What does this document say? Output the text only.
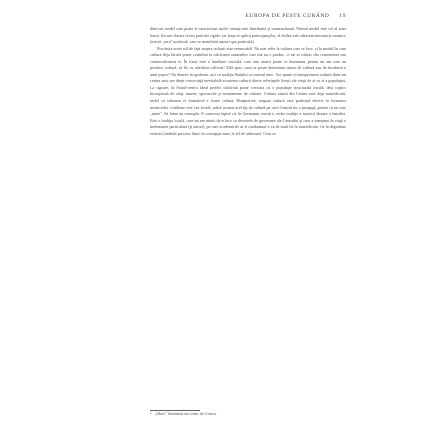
EUROPA DE PESTE CURÂND 19

dintr-un model care poate fi caracterizat astfel: esenţa este distribuită şi nomenclatură. Primul model este cel al artei bazat, fiecare clasice (exist paricule rigide, iar forţa se aplică participanţilor, al doilea este adiacent mecanicii cuantice (există „sera" nonlocal, care se manifestă uneori qua particulă).

Fiecăruia acest stil de fapt asupra culturii este remarcabil. Nu mai refer la cultura care se face, ci la modul în care cultura deja făcută poate contribui la cultivarea oamenilor care mă nu o produc, ci mi se trăiesc din comentarea sau comercializarea ei. În fond, este o întrebare crucială, care este atunci poate ce înseamnă, pentru un om care nu produce cultură, să fie cu adevărat cultivat? Află spus, cum se poate determina starea de cultură sau de incultură a unui popor? Nu deneze în spoleniu, aici cu tradiţia Statului cu centrul unic. Vor spune că interpretarea culturii dintr-un centru unic are drept consecinţă inevitabilă scoaterea culturii dintre referinţele firești ale vieţii de zi cu zi a populaţiei. La rigoare, în Statul-centru ideal perfect cultivată poate coexista cu o populaţie structurală inculă, deşi copios înconjurată de cărţi, muzee, spectacole şi monumente de calitate. Cultura emisă din Centru este deja muzeificată, astfel că valoarea ei formativă e foarte redusă. Dimpotrivă, singura cultură care participă efectiv la formarea instinctelor cotidiene este cea locală, adică tocmai acel tip de cultură pe care Centrul nu o propagă, pentru că nu este „mare". Să luăm un exemplu. E cunoscut faptul că, în Germania, există o veche tradiţie a muzicii lăutare a familiei. Este o tradiţie locală, care nu are nimic de-a face cu decretele de guvernare ale Centrului şi care a menţinut în viaţă o melomanie particulară (şi autori), pe care academicile ar fi condamnat-o ca de mult fie la muzeificare, fie la degradare estetică (ambele procese fiind, în concepţia mea, la fel de arbitrare). Cera ce

1 „Mare" înseamnă aici emis de Centru.
